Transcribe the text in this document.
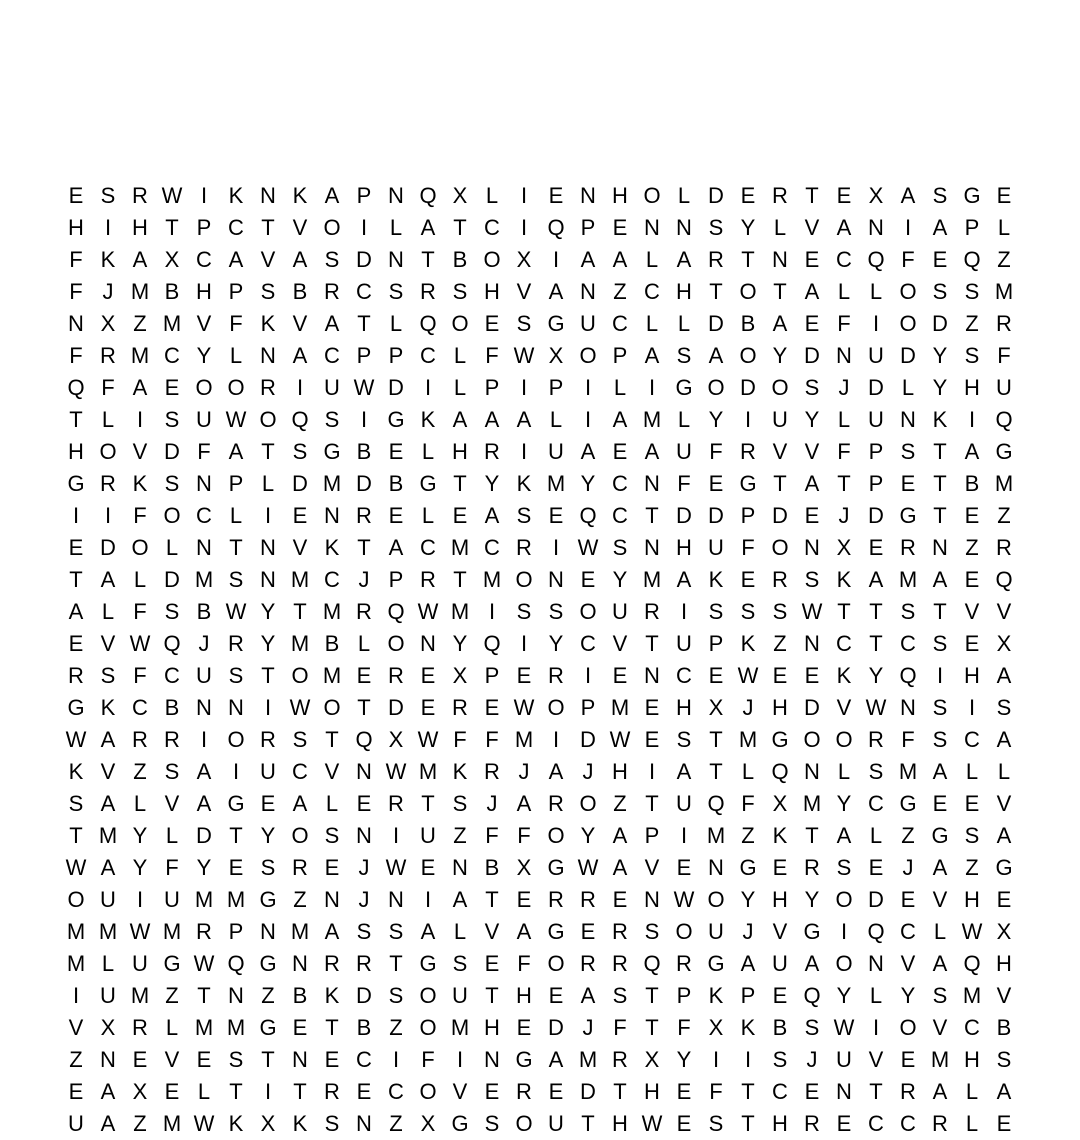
E S R W I K N K A P N Q X L	I E N H O L D E R T E X A S G E
H I H T P C T V O I	L A T C I Q P E N N S Y L V A N I A P L
F K A X C A V A S D N T B O X I A A L A R T N E C Q F E Q Z
F J M B H P S B R C S R S H V A N Z C H T O T A L L O S S M
N X Z M V F K V A T L Q O E S G U C L L D B A E F	I O D Z R
F R M C Y L N A C P P C L F W X O P A S A O Y D N U D Y S F
Q F A E O O R I U W D I	L P I P I	L	I G O D O S J D L Y H U
T L	I S U W O Q S I G K A A A L	I A M L Y I U Y L U N K I Q
H O V D F A T S G B E L H R I U A E A U F R V V F P S T A G
G R K S N P L D M D B G T Y K M Y C N F E G T A T P E T B M
I	I	F O C L	I E N R E L E A S E Q C T D D P D E J D G T E Z
E D O L N T N V K T A C M C R I W S N H U F O N X E R N Z R
T A L D M S N M C J P R T M O N E Y M A K E R S K A M A E Q
A L F S B W Y T M R Q W M I S S O U R I S S S W T T S T V V
E V W Q J R Y M B L O N Y Q I Y C V T U P K Z N C T C S E X
R S F C U S T O M E R E X P E R I E N C E W E E K Y Q I H A
G K C B N N I W O T D E R E W O P M E H X J H D V W N S I S
W A R R I O R S T Q X W F F M I D W E S T M G O O R F S C A
K V Z S A I U C V N W M K R J A J H I A T L Q N L S M A L L
S A L V A G E A L E R T S J A R O Z T U Q F X M Y C G E E V
T M Y L D T Y O S N I U Z F F O Y A P I M Z K T A L Z G S A
W A Y F Y E S R E J W E N B X G W A V E N G E R S E J A Z G
O U I U M M G Z N J N I A T E R R E N W O Y H Y O D E V H E
M M W M R P N M A S S A L V A G E R S O U J V G I Q C L W X
M L U G W Q G N R R T G S E F O R R Q R G A U A O N V A Q H
I U M Z T N Z B K D S O U T H E A S T P K P E Q Y L Y S M V
V X R L M M G E T B Z O M H E D J F T F X K B S W I O V C B
Z N E V E S T N E C I	F	I N G A M R X Y I	I S J U V E M H S
E A X E L T	I	T R E C O V E R E D T H E F T C E N T R A L A
U A Z M W K X K S N Z X G S O U T H W E S T H R E C C R L E
